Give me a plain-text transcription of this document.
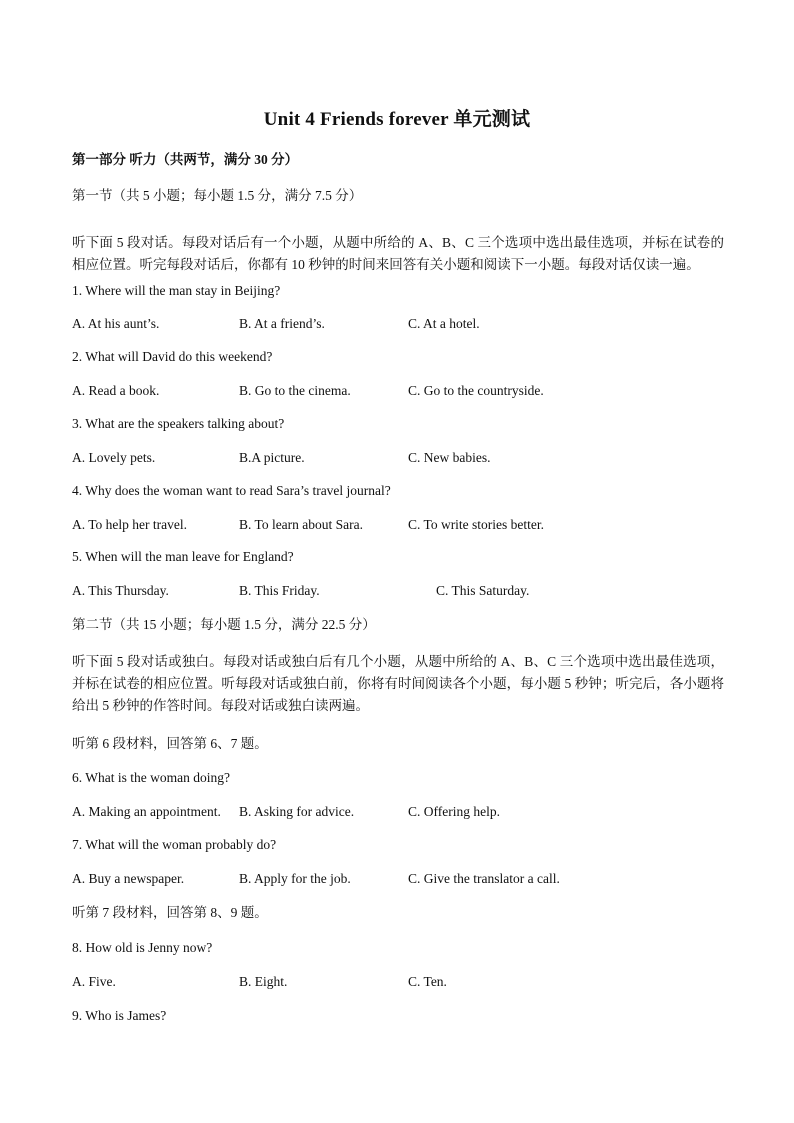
Unit 4 Friends forever 单元测试
第一部分 听力（共两节，满分 30 分）
第一节（共 5 小题；每小题 1.5 分，满分 7.5 分）
听下面 5 段对话。每段对话后有一个小题，从题中所给的 A、B、C 三个选项中选出最佳选项，并标在试卷的相应位置。听完每段对话后，你都有 10 秒钟的时间来回答有关小题和阅读下一小题。每段对话仅读一遍。
1. Where will the man stay in Beijing?
A. At his aunt’s.	B. At a friend’s.	C. At a hotel.
2. What will David do this weekend?
A. Read a book.	B. Go to the cinema.	C. Go to the countryside.
3. What are the speakers talking about?
A. Lovely pets.	B.A picture.	C. New babies.
4. Why does the woman want to read Sara’s travel journal?
A. To help her travel.	B. To learn about Sara.	C. To write stories better.
5. When will the man leave for England?
A. This Thursday.	B. This Friday.	C. This Saturday.
第二节（共 15 小题；每小题 1.5 分，满分 22.5 分）
听下面 5 段对话或独白。每段对话或独白后有几个小题，从题中所给的 A、B、C 三个选项中选出最佳选项，并标在试卷的相应位置。听每段对话或独白前，你将有时间阅读各个小题，每小题 5 秒钟；听完后，各小题将给出 5 秒钟的作答时间。每段对话或独白读两遍。
听第 6 段材料，回答第 6、7 题。
6. What is the woman doing?
A. Making an appointment. B. Asking for advice.	C. Offering help.
7. What will the woman probably do?
A. Buy a newspaper.	B. Apply for the job.	C. Give the translator a call.
听第 7 段材料，回答第 8、9 题。
8. How old is Jenny now?
A. Five.	B. Eight.	C. Ten.
9. Who is James?
